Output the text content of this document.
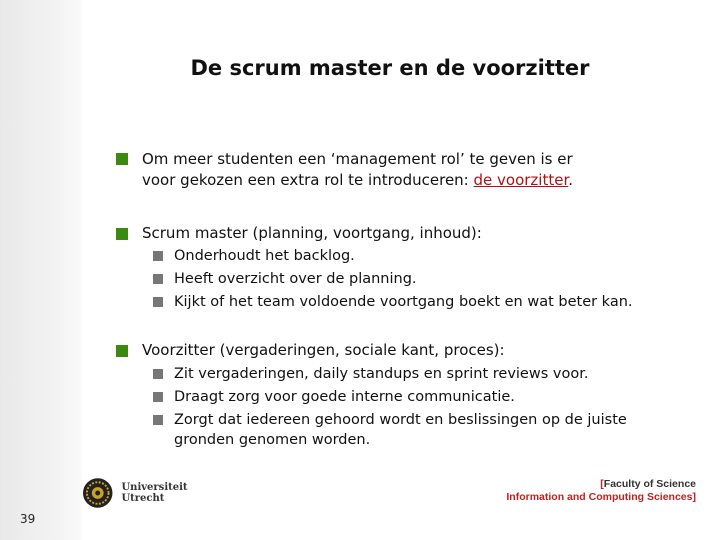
De scrum master en de voorzitter
Om meer studenten een ‘management rol’ te geven is er
voor gekozen een extra rol te introduceren: de voorzitter.
Scrum master (planning, voortgang, inhoud):
Onderhoudt het backlog.
Heeft overzicht over de planning.
Kijkt of het team voldoende voortgang boekt en wat beter kan.
Voorzitter (vergaderingen, sociale kant, proces):
Zit vergaderingen, daily standups en sprint reviews voor.
Draagt zorg voor goede interne communicatie.
Zorgt dat iedereen gehoord wordt en beslissingen op de juiste
gronden genomen worden.
39
Universiteit Utrecht
[Faculty of Science
Information and Computing Sciences]
